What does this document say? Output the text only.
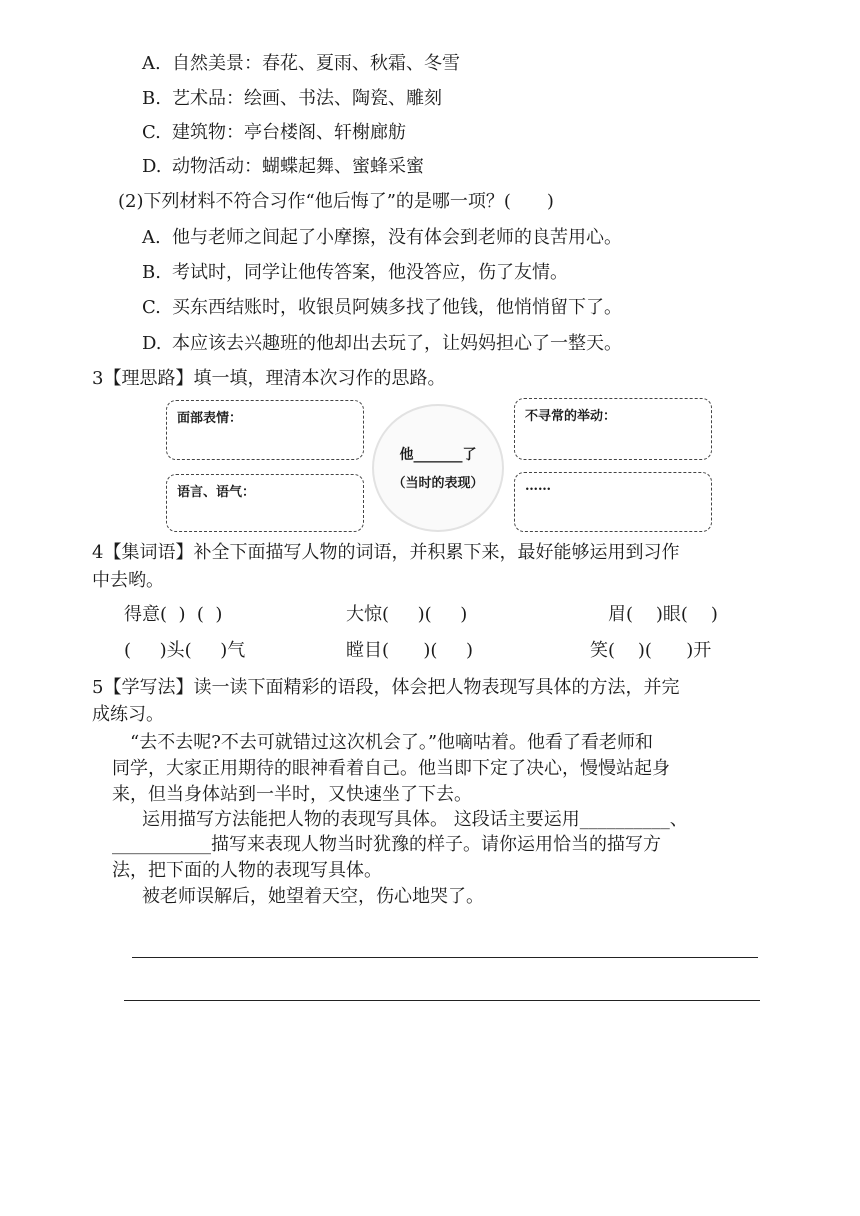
A. 自然美景：春花、夏雨、秋霜、冬雪
B. 艺术品：绘画、书法、陶瓷、雕刻
C. 建筑物：亭台楼阁、轩榭廊舫
D. 动物活动：蝴蝶起舞、蜜蜂采蜜
(2)下列材料不符合习作“他后悔了”的是哪一项？(　　)
A. 他与老师之间起了小摩擦，没有体会到老师的良苦用心。
B. 考试时，同学让他传答案，他没答应，伤了友情。
C. 买东西结账时，收银员阿姨多找了他钱，他悄悄留下了。
D. 本应该去兴趣班的他却出去玩了，让妈妈担心了一整天。
3【理思路】填一填，理清本次习作的思路。
面部表情：	不寻常的举动：
语言、语气：	……
他_______了
（当时的表现）
4【集词语】补全下面描写人物的词语，并积累下来，最好能够运用到习作
中去哟。
得意(  )  (  )	大惊(     )(     )	眉(    )眼(    )
(     )头(     )气	瞠目(      )(     )	笑(    )(      )开
5【学写法】读一读下面精彩的语段，体会把人物表现写具体的方法，并完
成练习。
“去不去呢?不去可就错过这次机会了。”他嘀咕着。他看了看老师和
同学，大家正用期待的眼神看着自己。他当即下定了决心，慢慢站起身
来，但当身体站到一半时，又快速坐了下去。
运用描写方法能把人物的表现写具体。 这段话主要运用__________、
___________描写来表现人物当时犹豫的样子。请你运用恰当的描写方
法，把下面的人物的表现写具体。
被老师误解后，她望着天空，伤心地哭了。
